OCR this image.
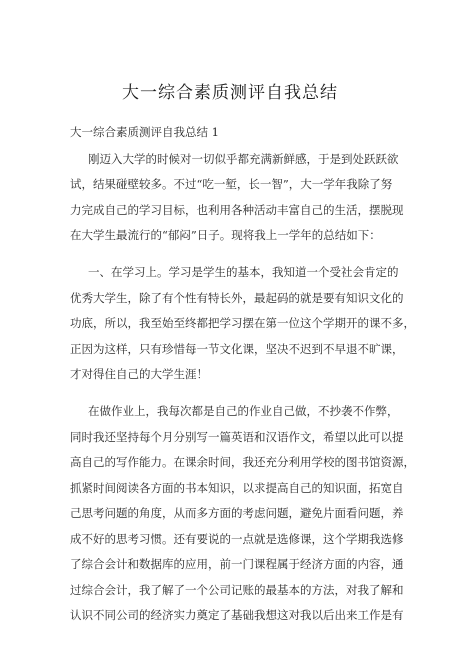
大一综合素质测评自我总结

大一综合素质测评自我总结 1

刚迈入大学的时候对一切似乎都充满新鲜感，于是到处跃跃欲

试，结果碰壁较多。不过“吃一堑，长一智”，大一学年我除了努

力完成自己的学习目标，也利用各种活动丰富自己的生活，摆脱现

在大学生最流行的“郁闷”日子。现将我上一学年的总结如下：

一、在学习上。学习是学生的基本，我知道一个受社会肯定的

优秀大学生，除了有个性有特长外，最起码的就是要有知识文化的

功底，所以，我至始至终都把学习摆在第一位这个学期开的课不多，

正因为这样，只有珍惜每一节文化课，坚决不迟到不早退不旷课，

才对得住自己的大学生涯！

在做作业上，我每次都是自己的作业自己做，不抄袭不作弊，

同时我还坚持每个月分别写一篇英语和汉语作文，希望以此可以提

高自己的写作能力。在课余时间，我还充分利用学校的图书馆资源，

抓紧时间阅读各方面的书本知识，以求提高自己的知识面，拓宽自

己思考问题的角度，从而多方面的考虑问题，避免片面看问题，养

成不好的思考习惯。还有要说的一点就是选修课，这个学期我选修

了综合会计和数据库的应用，前一门课程属于经济方面的内容，通

过综合会计，我了解了一个公司记账的最基本的方法，对我了解和

认识不同公司的经济实力奠定了基础我想这对我以后出来工作是有
